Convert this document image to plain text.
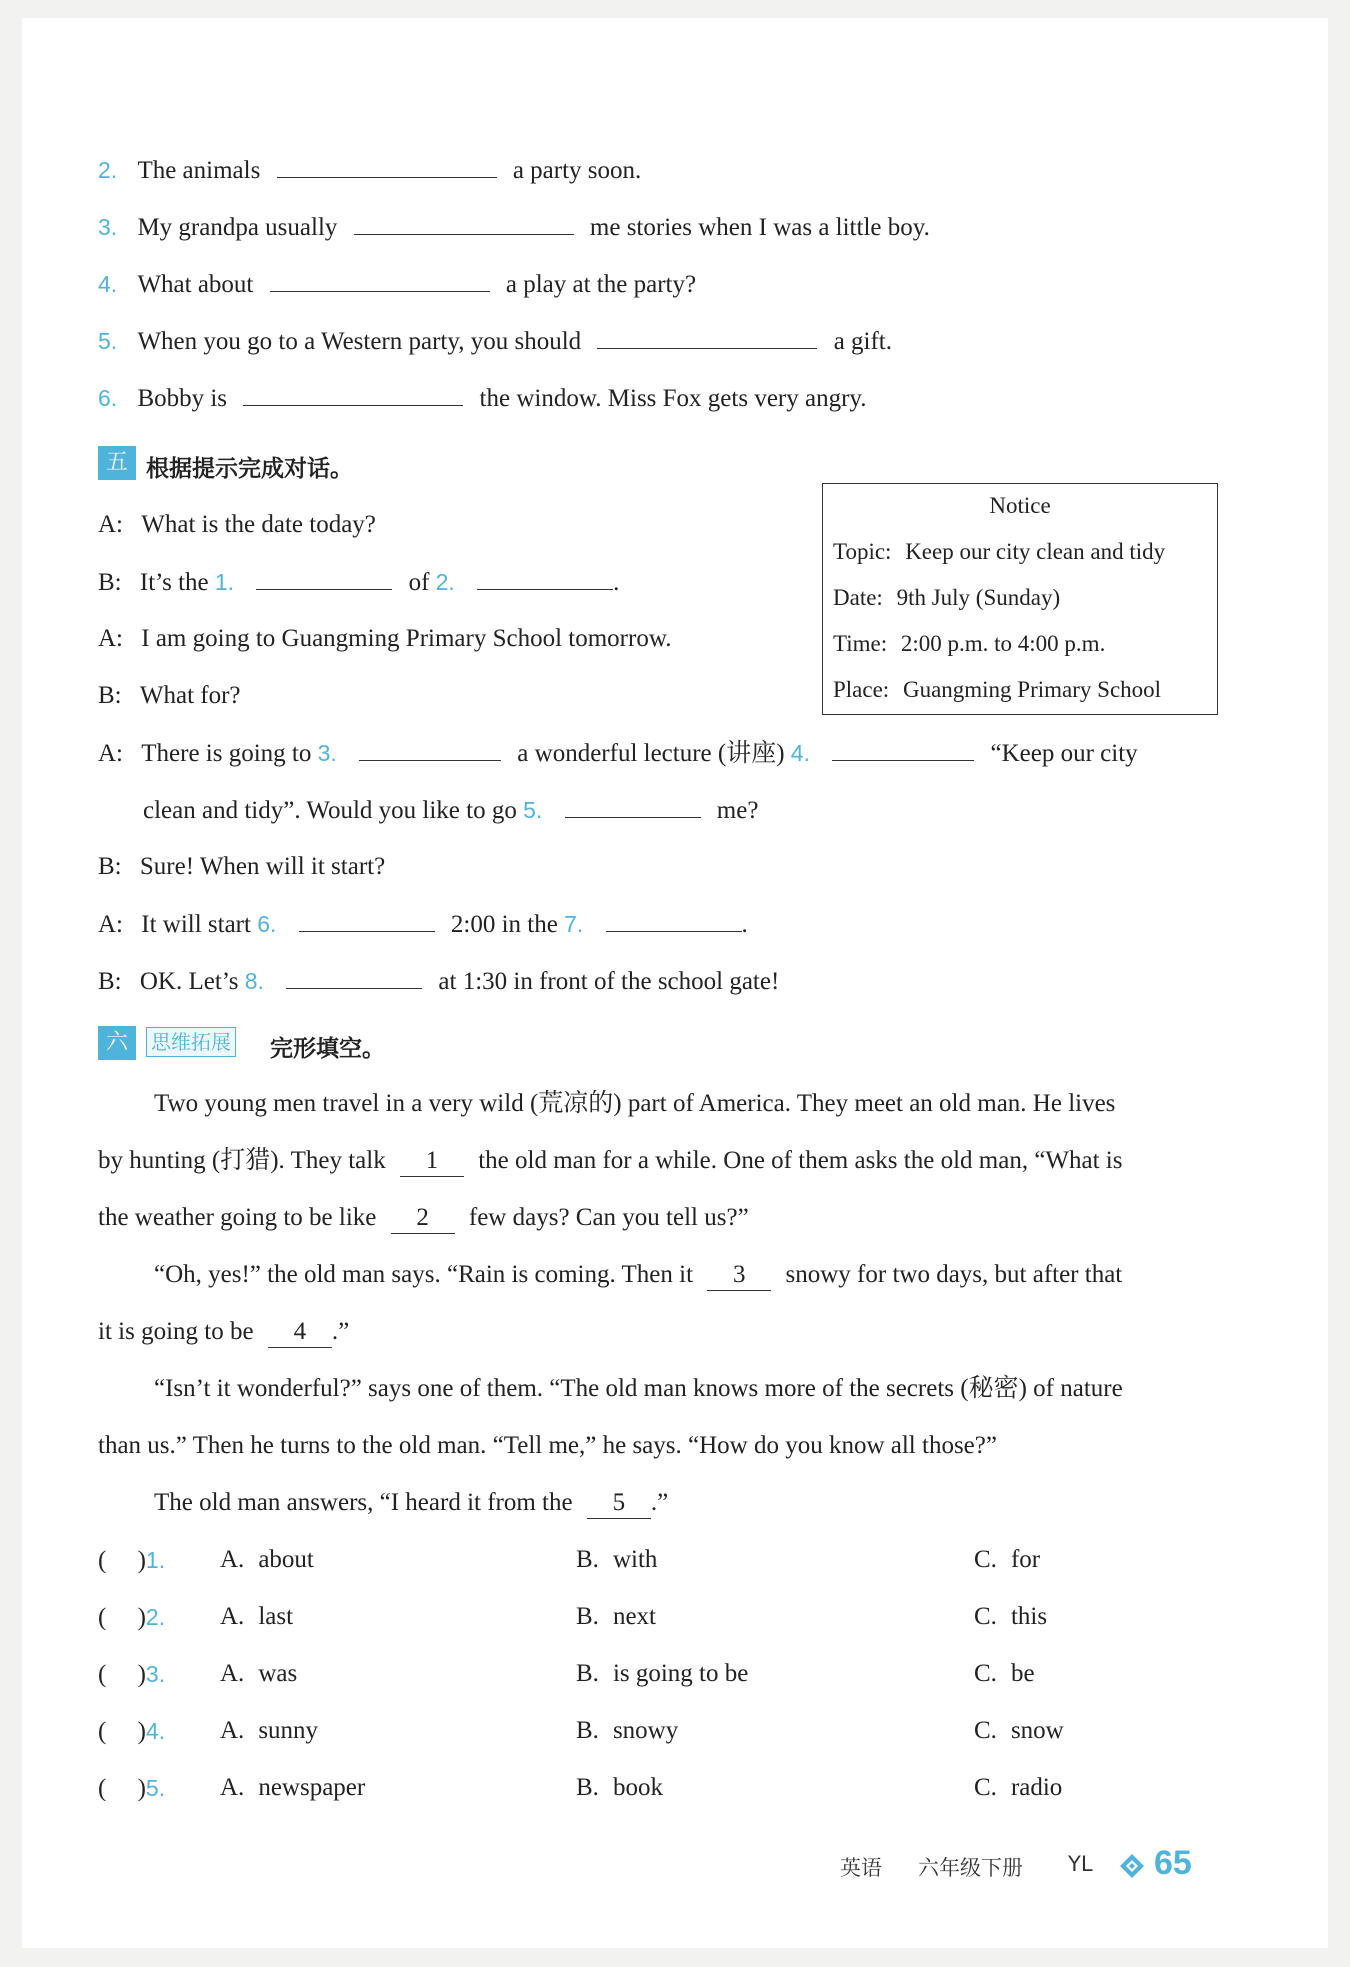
2. The animals	a party soon.
3. My grandpa usually	me stories when I was a little boy.
4. What about	a play at the party?
5. When you go to a Western party, you should	a gift.
6. Bobby is	the window. Miss Fox gets very angry.
五 根据提示完成对话。
Notice
Topic: Keep our city clean and tidy
Date: 9th July (Sunday)
Time: 2:00 p.m. to 4:00 p.m.
Place: Guangming Primary School
A: What is the date today?
B: It’s the 1.	of 2.	.
A: I am going to Guangming Primary School tomorrow.
B: What for?
A: There is going to 3.	a wonderful lecture (讲座) 4.	“Keep our city
clean and tidy”. Would you like to go 5.	me?
B: Sure! When will it start?
A: It will start 6.	2:00 in the 7.	.
B: OK. Let’s 8.	at 1:30 in front of the school gate!
六	思维拓展 完形填空。
Two young men travel in a very wild (荒凉的) part of America. They meet an old man. He lives
by hunting (打猎). They talk 1 the old man for a while. One of them asks the old man, “What is
the weather going to be like 2 few days? Can you tell us?”
“Oh, yes!” the old man says. “Rain is coming. Then it 3 snowy for two days, but after that
it is going to be 4 .”
“Isn’t it wonderful?” says one of them. “The old man knows more of the secrets (秘密) of nature
than us.” Then he turns to the old man. “Tell me,” he says. “How do you know all those?”
The old man answers, “I heard it from the 5 .”
(     )1. A. about	B. with	C. for
(     )2. A. last	B. next	C. this
(     )3. A. was	B. is going to be	C. be
(     )4. A. sunny	B. snowy	C. snow
(     )5. A. newspaper	B. book	C. radio
英语 六年级下册 YL 65
